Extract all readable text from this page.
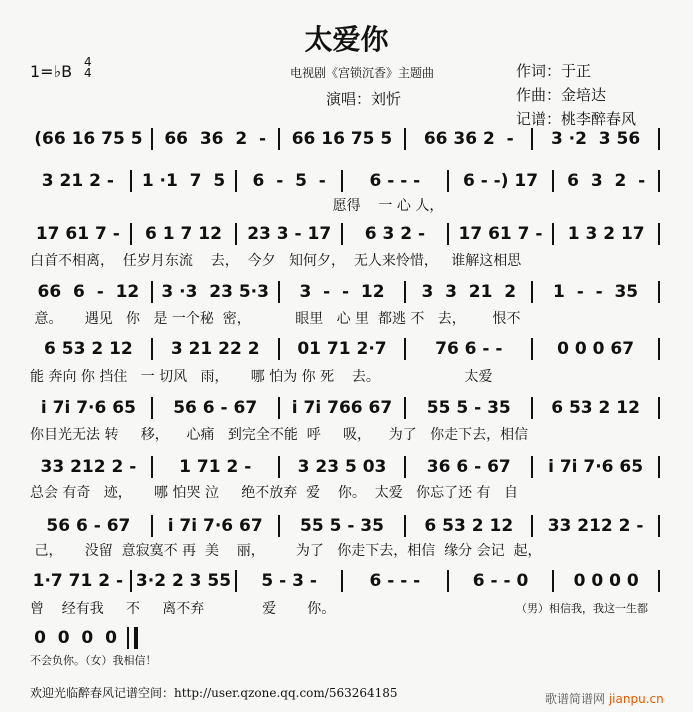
太爱你
1=♭B 4
4	电视剧《宫锁沉香》主题曲
演唱：刘忻
作词：于正
作曲：金培达
记谱：桃李醉春风
(66 16 75 5	66  36  2  -	66 16 75 5	66 36 2  -	3 ·2  3 56
3 21 2 -	1 ·1  7  5	6  -  5  -	6 - - -	6 - -) 17	6  3  2  -
愿得    一 心 人，
17 61 7 -	6 1 7 12	23 3 - 17	6 3 2 -	17 61 7 -	1 3 2 17
白首不相离，  任岁月东流    去，  今夕   知何夕，  无人来怜惜，   谁解这相思
66  6  -  12	3 ·3  23 5·3	3  -  -  12	3  3  21  2	1  -  -  35
意。     遇见   你   是 一个秘  密，          眼里   心 里  都逃 不   去，      恨不
6 53 2 12	3 21 22 2	01 71 2·7	76 6 - -	0 0 0 67
能 奔向 你 挡住   一 切风   雨，     哪 怕为 你 死    去。                   太爱
i 7i 7·6 65	56 6 - 67	i 7i 766 67	55 5 - 35	6 53 2 12
你目光无法 转     移，    心痛   到完全不能  呼     吸，    为了   你走下去，相信
33 212 2 -	1 71 2 -	3 23 5 03	36 6 - 67	i 7i 7·6 65
总会 有奇   迹，     哪 怕哭 泣     绝不放弃  爱    你。  太爱   你忘了还 有   自
56 6 - 67	i 7i 7·6 67	55 5 - 35	6 53 2 12	33 212 2 -
己，     没留  意寂寞不 再  美    丽，       为了   你走下去，相信  缘分 会记  起，
1·7 71 2 - 3·2 2 3 55	5 - 3 -	6 - - -	6 - - 0	0 0 0 0
曾    经有我     不     离不弃             爱       你。	（男）相信我，我这一生都
0  0  0  0
不会负你。（女）我相信！
欢迎光临醉春风记谱空间：http://user.qzone.qq.com/563264185	歌谱简谱网 jianpu.cn
